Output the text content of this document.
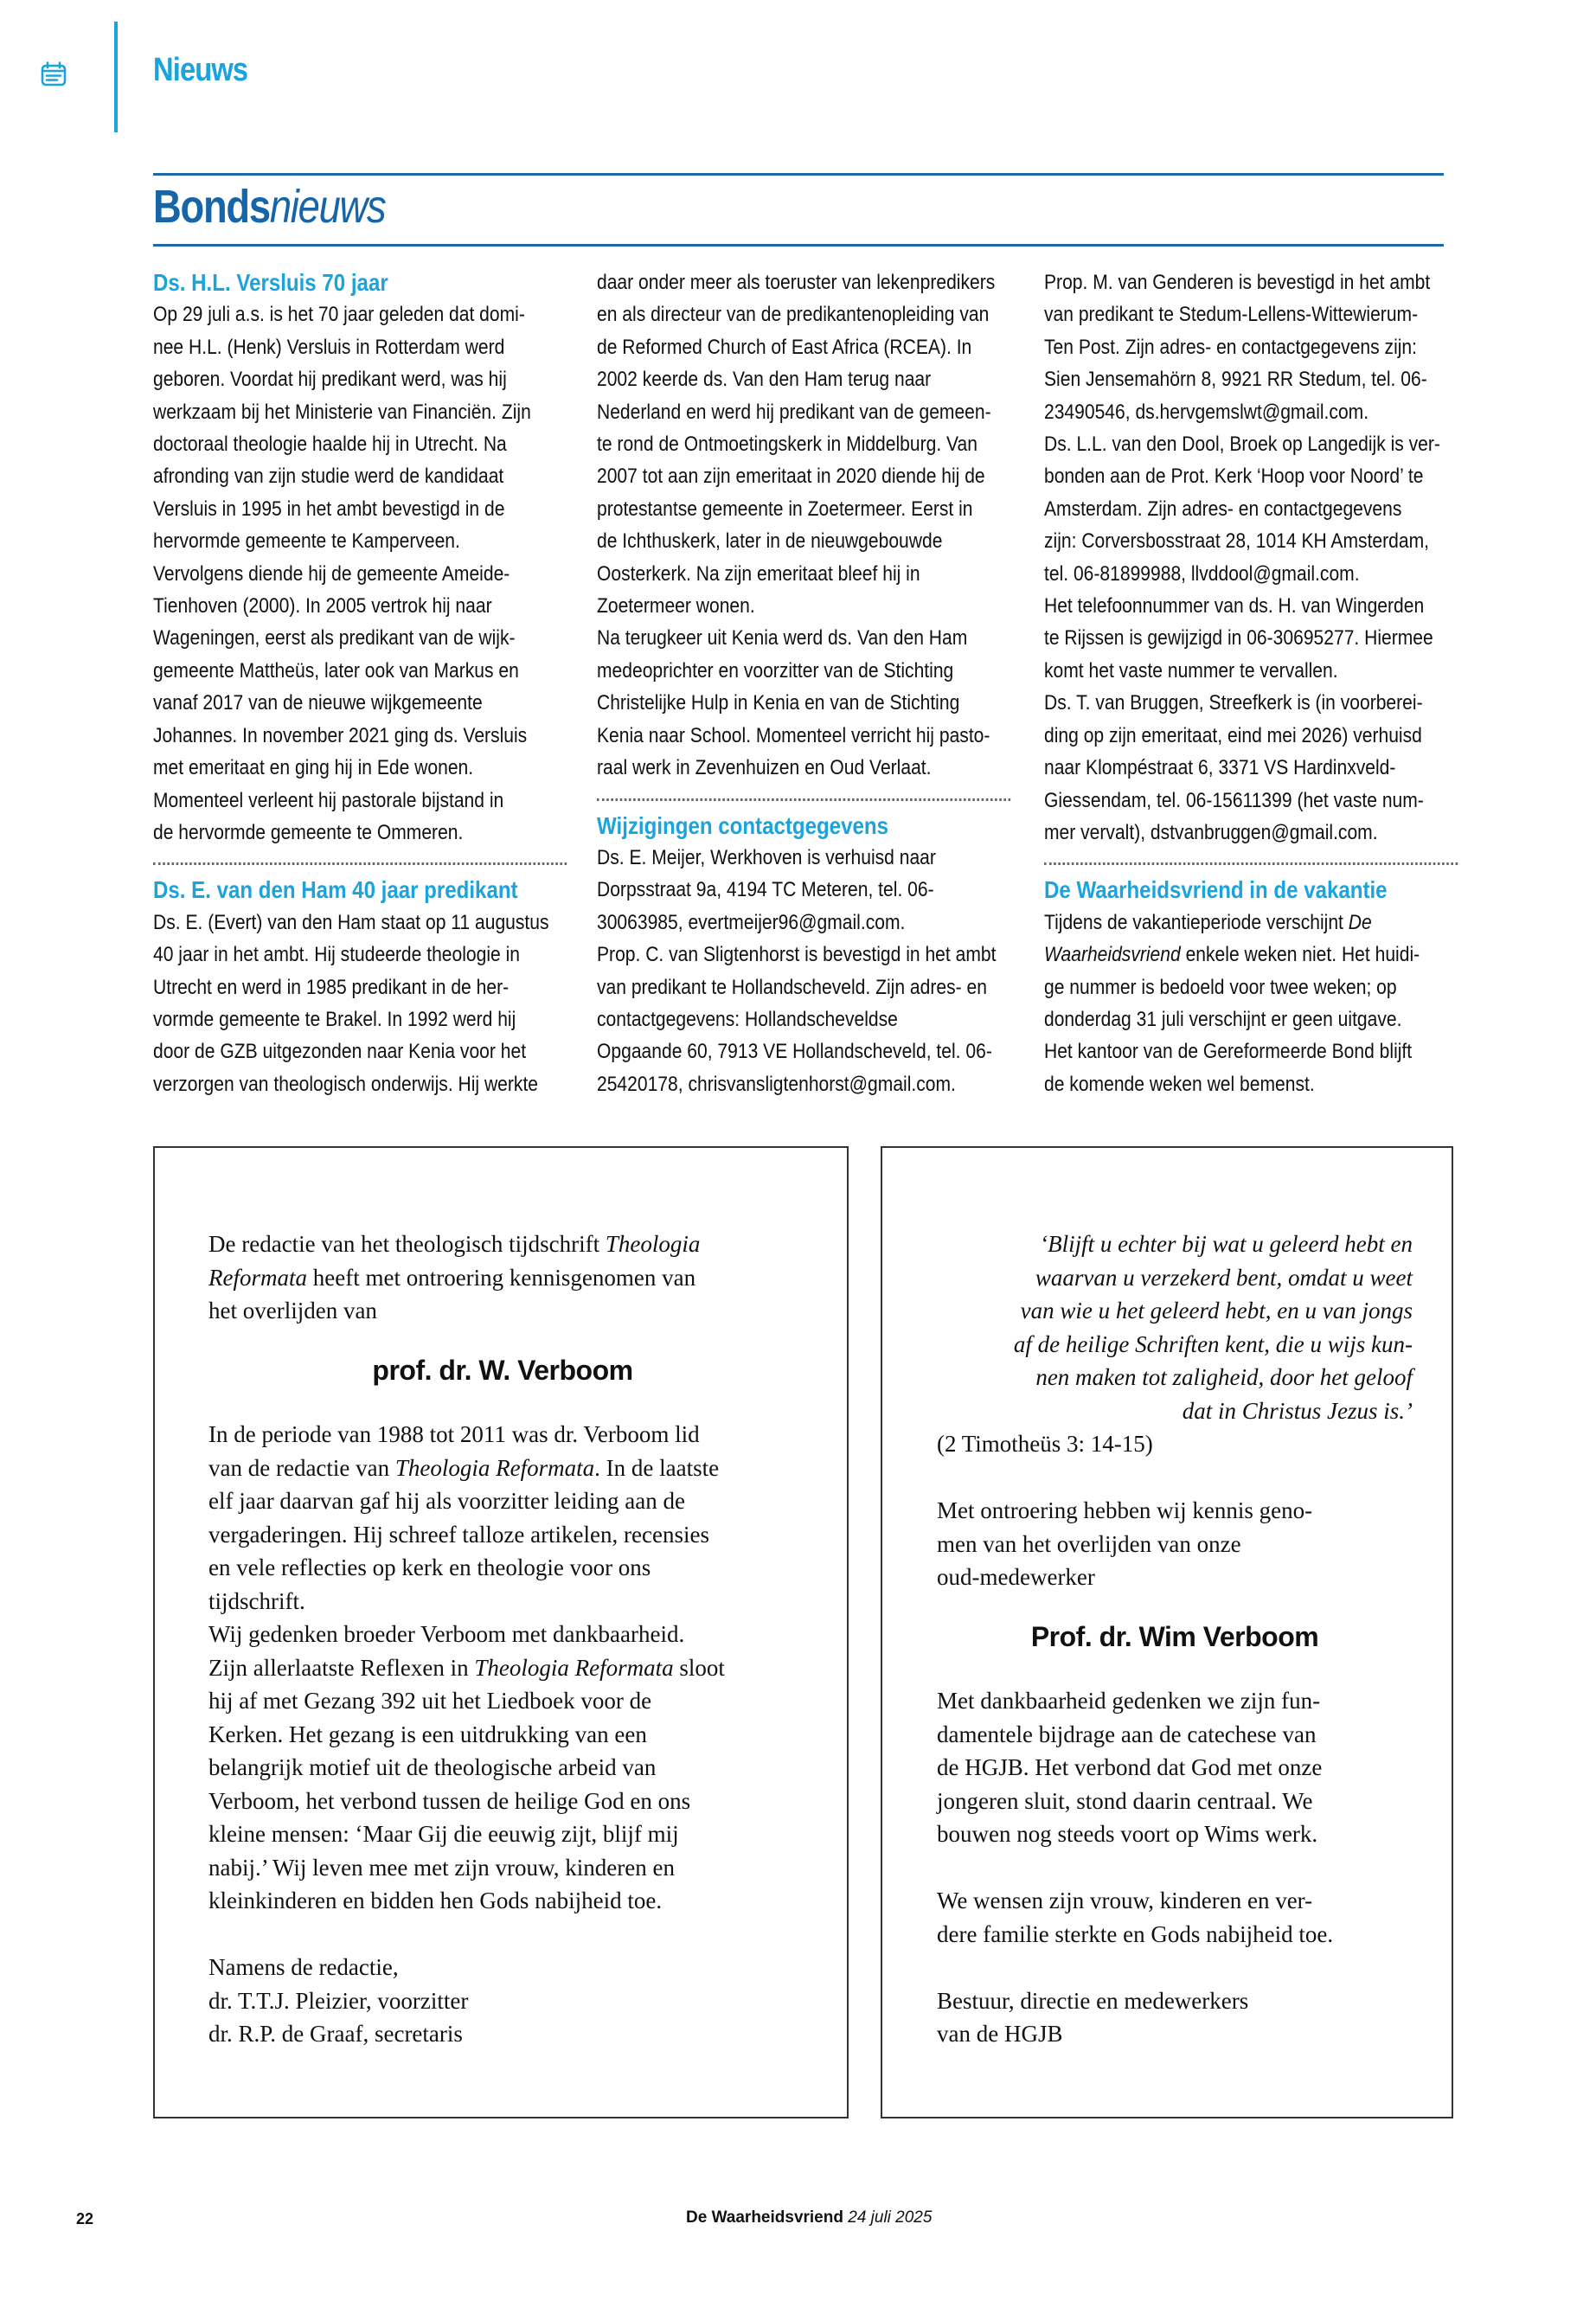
Nieuws
Bondsnieuws
Ds. H.L. Versluis 70 jaar
Op 29 juli a.s. is het 70 jaar geleden dat domi-
nee H.L. (Henk) Versluis in Rotterdam werd
geboren. Voordat hij predikant werd, was hij
werkzaam bij het Ministerie van Financiën. Zijn
doctoraal theologie haalde hij in Utrecht. Na
afronding van zijn studie werd de kandidaat
Versluis in 1995 in het ambt bevestigd in de
hervormde gemeente te Kamperveen.
Vervolgens diende hij de gemeente Ameide-
Tienhoven (2000). In 2005 vertrok hij naar
Wageningen, eerst als predikant van de wijk-
gemeente Mattheüs, later ook van Markus en
vanaf 2017 van de nieuwe wijkgemeente
Johannes. In november 2021 ging ds. Versluis
met emeritaat en ging hij in Ede wonen.
Momenteel verleent hij pastorale bijstand in
de hervormde gemeente te Ommeren.
Ds. E. van den Ham 40 jaar predikant
Ds. E. (Evert) van den Ham staat op 11 augustus
40 jaar in het ambt. Hij studeerde theologie in
Utrecht en werd in 1985 predikant in de her-
vormde gemeente te Brakel. In 1992 werd hij
door de GZB uitgezonden naar Kenia voor het
verzorgen van theologisch onderwijs. Hij werkte
daar onder meer als toeruster van lekenpredikers
en als directeur van de predikantenopleiding van
de Reformed Church of East Africa (RCEA). In
2002 keerde ds. Van den Ham terug naar
Nederland en werd hij predikant van de gemeen-
te rond de Ontmoetingskerk in Middelburg. Van
2007 tot aan zijn emeritaat in 2020 diende hij de
protestantse gemeente in Zoetermeer. Eerst in
de Ichthuskerk, later in de nieuwgebouwde
Oosterkerk. Na zijn emeritaat bleef hij in
Zoetermeer wonen.
Na terugkeer uit Kenia werd ds. Van den Ham
medeoprichter en voorzitter van de Stichting
Christelijke Hulp in Kenia en van de Stichting
Kenia naar School. Momenteel verricht hij pasto-
raal werk in Zevenhuizen en Oud Verlaat.
Wijzigingen contactgegevens
Ds. E. Meijer, Werkhoven is verhuisd naar
Dorpsstraat 9a, 4194 TC Meteren, tel. 06-
30063985, evertmeijer96@gmail.com.
Prop. C. van Sligtenhorst is bevestigd in het ambt
van predikant te Hollandscheveld. Zijn adres- en
contactgegevens: Hollandscheveldse
Opgaande 60, 7913 VE Hollandscheveld, tel. 06-
25420178, chrisvansligtenhorst@gmail.com.
Prop. M. van Genderen is bevestigd in het ambt
van predikant te Stedum-Lellens-Wittewierum-
Ten Post. Zijn adres- en contactgegevens zijn:
Sien Jensemahörn 8, 9921 RR Stedum, tel. 06-
23490546, ds.hervgemslwt@gmail.com.
Ds. L.L. van den Dool, Broek op Langedijk is ver-
bonden aan de Prot. Kerk ‘Hoop voor Noord’ te
Amsterdam. Zijn adres- en contactgegevens
zijn: Corversbosstraat 28, 1014 KH Amsterdam,
tel. 06-81899988, llvddool@gmail.com.
Het telefoonnummer van ds. H. van Wingerden
te Rijssen is gewijzigd in 06-30695277. Hiermee
komt het vaste nummer te vervallen.
Ds. T. van Bruggen, Streefkerk is (in voorberei-
ding op zijn emeritaat, eind mei 2026) verhuisd
naar Klompéstraat 6, 3371 VS Hardinxveld-
Giessendam, tel. 06-15611399 (het vaste num-
mer vervalt), dstvanbruggen@gmail.com.
De Waarheidsvriend in de vakantie
Tijdens de vakantieperiode verschijnt De
Waarheidsvriend enkele weken niet. Het huidi-
ge nummer is bedoeld voor twee weken; op
donderdag 31 juli verschijnt er geen uitgave.
Het kantoor van de Gereformeerde Bond blijft
de komende weken wel bemenst.
De redactie van het theologisch tijdschrift Theologia
Reformata heeft met ontroering kennisgenomen van
het overlijden van
prof. dr. W. Verboom
In de periode van 1988 tot 2011 was dr. Verboom lid
van de redactie van Theologia Reformata. In de laatste
elf jaar daarvan gaf hij als voorzitter leiding aan de
vergaderingen. Hij schreef talloze artikelen, recensies
en vele reflecties op kerk en theologie voor ons
tijdschrift.
Wij gedenken broeder Verboom met dankbaarheid.
Zijn allerlaatste Reflexen in Theologia Reformata sloot
hij af met Gezang 392 uit het Liedboek voor de
Kerken. Het gezang is een uitdrukking van een
belangrijk motief uit de theologische arbeid van
Verboom, het verbond tussen de heilige God en ons
kleine mensen: ‘Maar Gij die eeuwig zijt, blijf mij
nabij.’ Wij leven mee met zijn vrouw, kinderen en
kleinkinderen en bidden hen Gods nabijheid toe.
Namens de redactie,
dr. T.T.J. Pleizier, voorzitter
dr. R.P. de Graaf, secretaris
‘Blijft u echter bij wat u geleerd hebt en
waarvan u verzekerd bent, omdat u weet
van wie u het geleerd hebt, en u van jongs
af de heilige Schriften kent, die u wijs kun-
nen maken tot zaligheid, door het geloof
dat in Christus Jezus is.’
(2 Timotheüs 3: 14-15)
Met ontroering hebben wij kennis geno-
men van het overlijden van onze
oud-medewerker
Prof. dr. Wim Verboom
Met dankbaarheid gedenken we zijn fun-
damentele bijdrage aan de catechese van
de HGJB. Het verbond dat God met onze
jongeren sluit, stond daarin centraal. We
bouwen nog steeds voort op Wims werk.
We wensen zijn vrouw, kinderen en ver-
dere familie sterkte en Gods nabijheid toe.
Bestuur, directie en medewerkers
van de HGJB
22	De Waarheidsvriend 24 juli 2025
